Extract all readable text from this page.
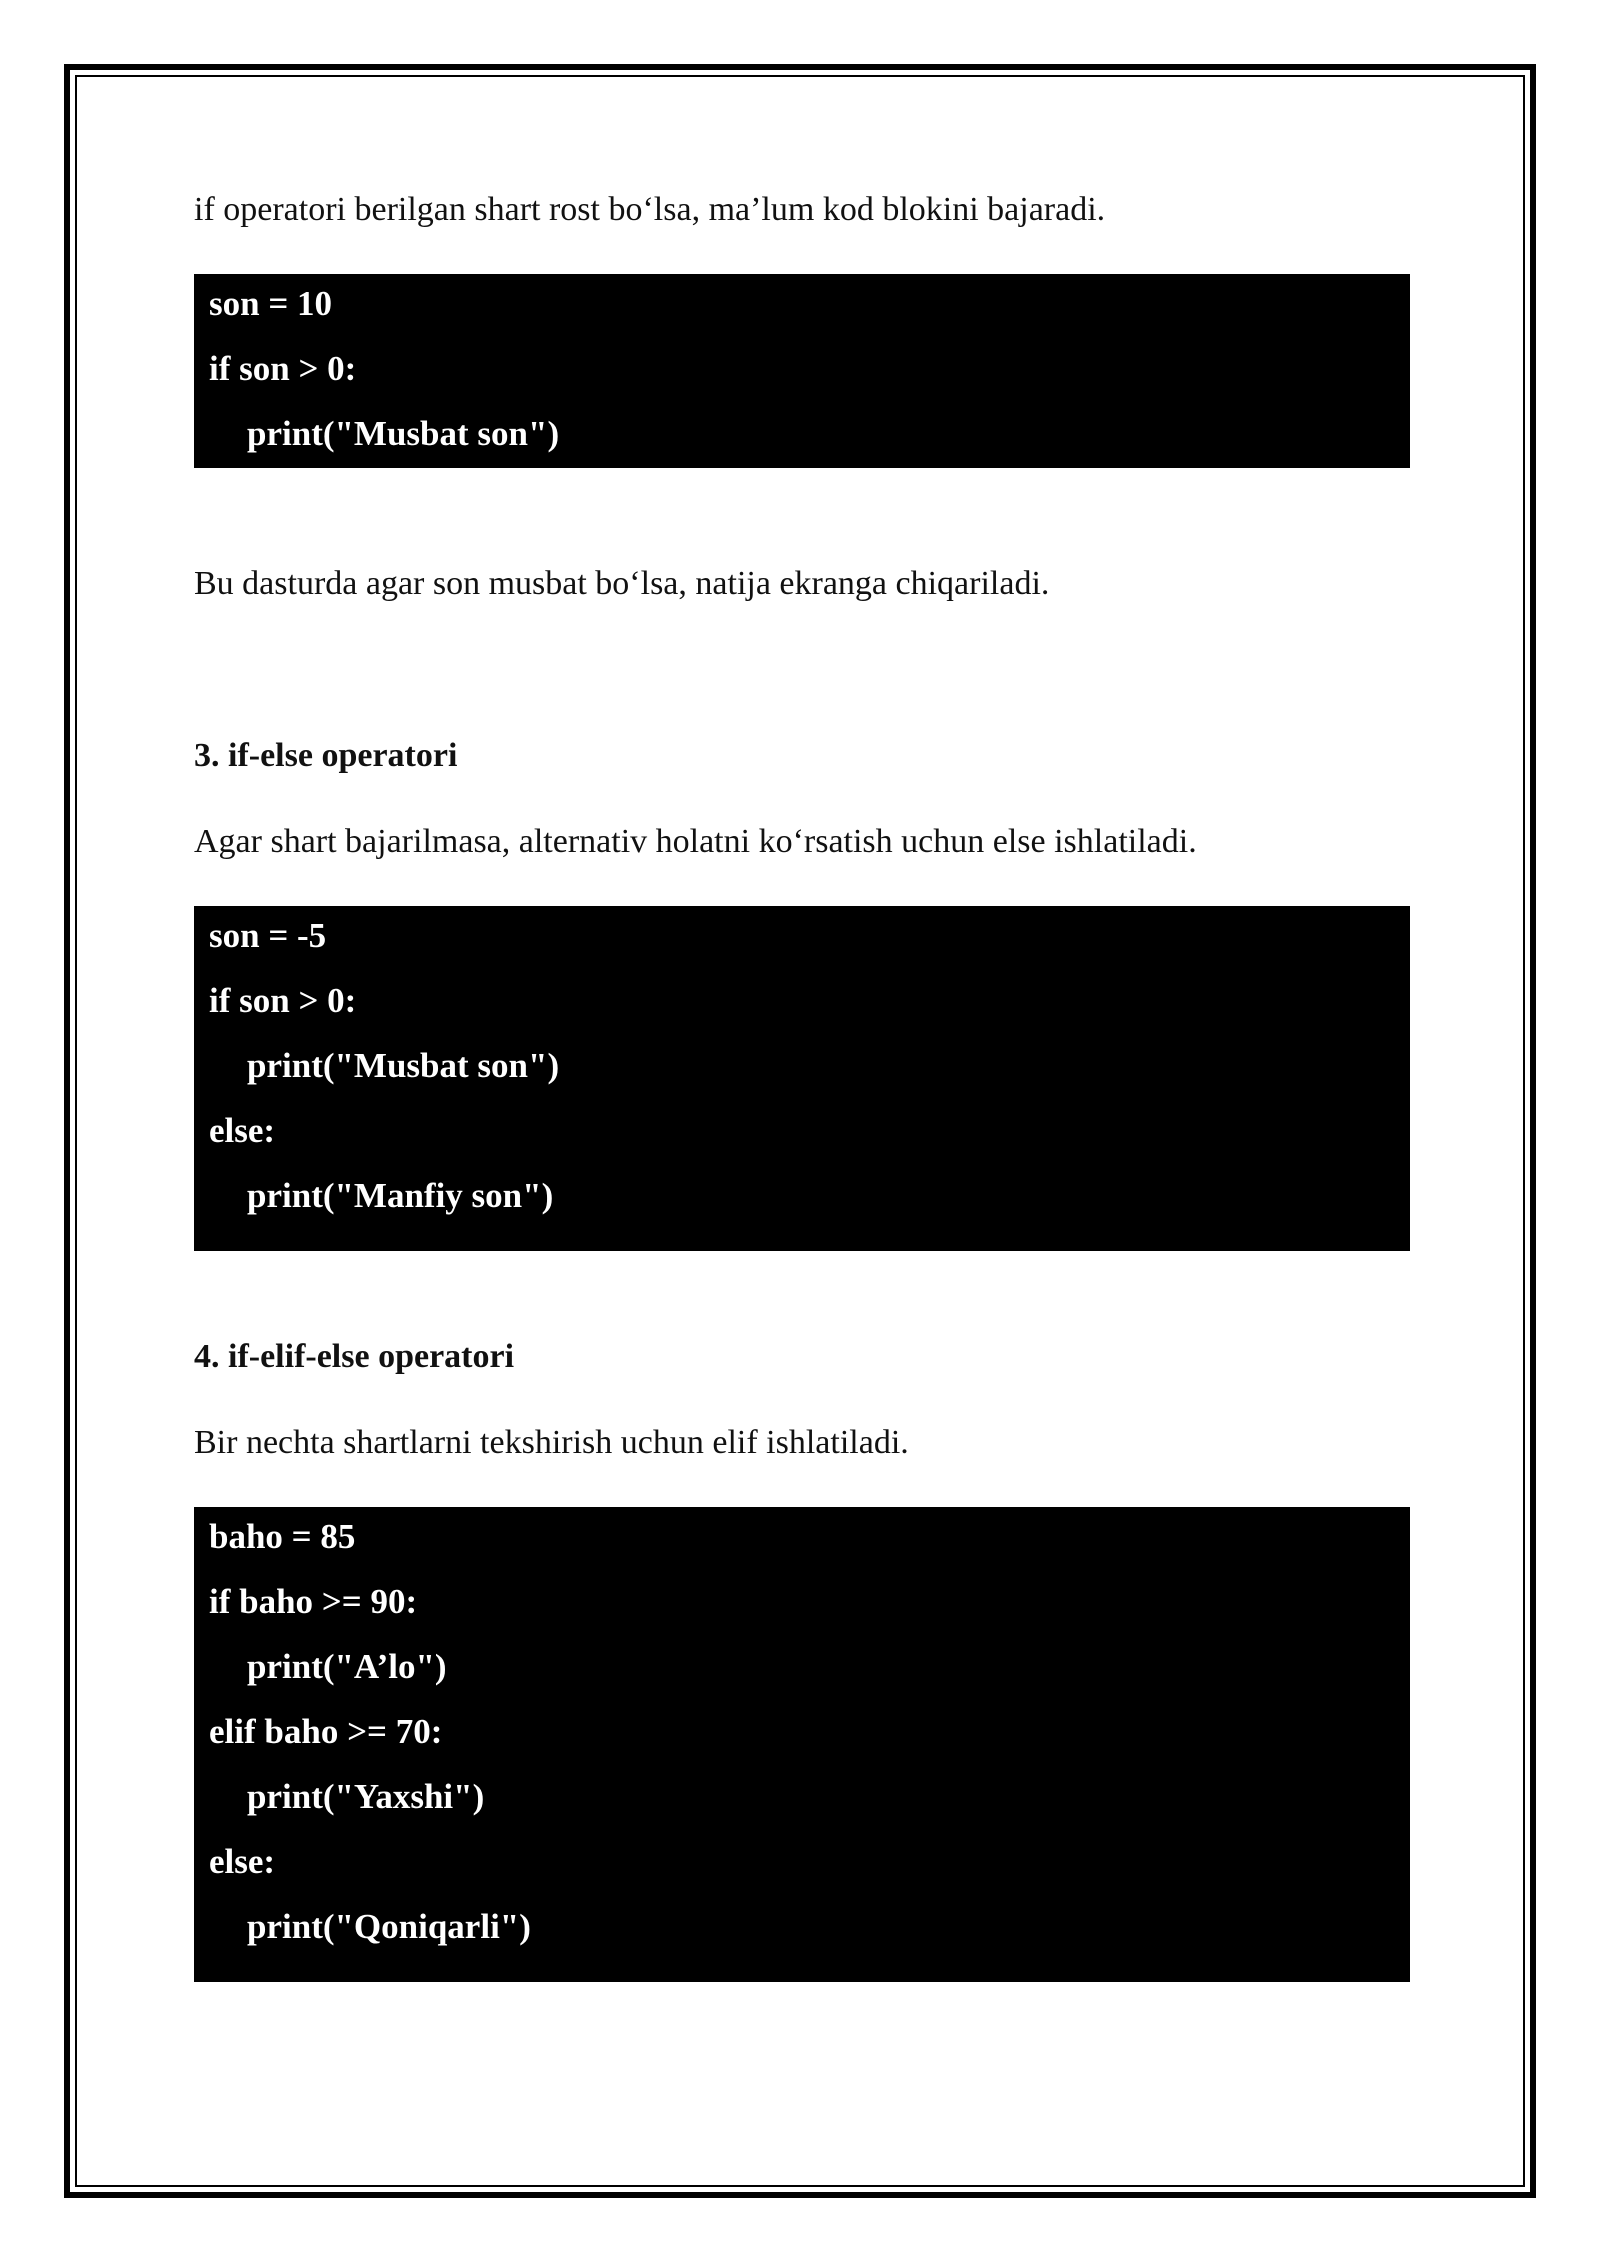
if operatori berilgan shart rost bo‘lsa, ma’lum kod blokini bajaradi.

son = 10
if son > 0:
print("Musbat son")

Bu dasturda agar son musbat bo‘lsa, natija ekranga chiqariladi.

3. if-else operatori

Agar shart bajarilmasa, alternativ holatni ko‘rsatish uchun else ishlatiladi.

son = -5
if son > 0:
print("Musbat son")
else:
print("Manfiy son")
4. if-elif-else operatori

Bir nechta shartlarni tekshirish uchun elif ishlatiladi.

baho = 85
if baho >= 90:
print("A’lo")
elif baho >= 70:
print("Yaxshi")
else:
print("Qoniqarli")
